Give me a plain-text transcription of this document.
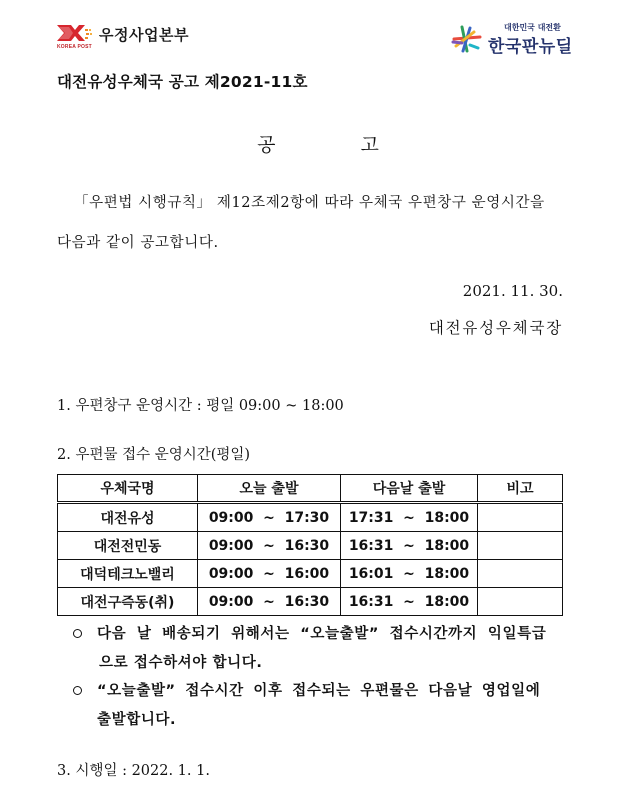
KOREA POST
우정사업본부	대한민국 대전환
한국판뉴딜
대전유성우체국 공고 제2021-11호
공	고
「우편법 시행규칙」 제12조제2항에 따라 우체국 우편창구 운영시간을
다음과 같이 공고합니다.
2021. 11. 30.
대전유성우체국장
1. 우편창구 운영시간 : 평일 09:00 ~ 18:00
2. 우편물 접수 운영시간(평일)
우체국명	오늘 출발	다음날 출발	비고
대전유성	09:00  ~  17:30	17:31  ~  18:00	
대전전민동	09:00  ~  16:30	16:31  ~  18:00	
대덕테크노밸리	09:00  ~  16:00	16:01  ~  18:00	
대전구즉동(취)	09:00  ~  16:30	16:31  ~  18:00	
다음 날 배송되기 위해서는 “오늘출발” 접수시간까지 익일특급
으로 접수하셔야 합니다.
“오늘출발” 접수시간 이후 접수되는 우편물은 다음날 영업일에
출발합니다.
3. 시행일 : 2022. 1. 1.
